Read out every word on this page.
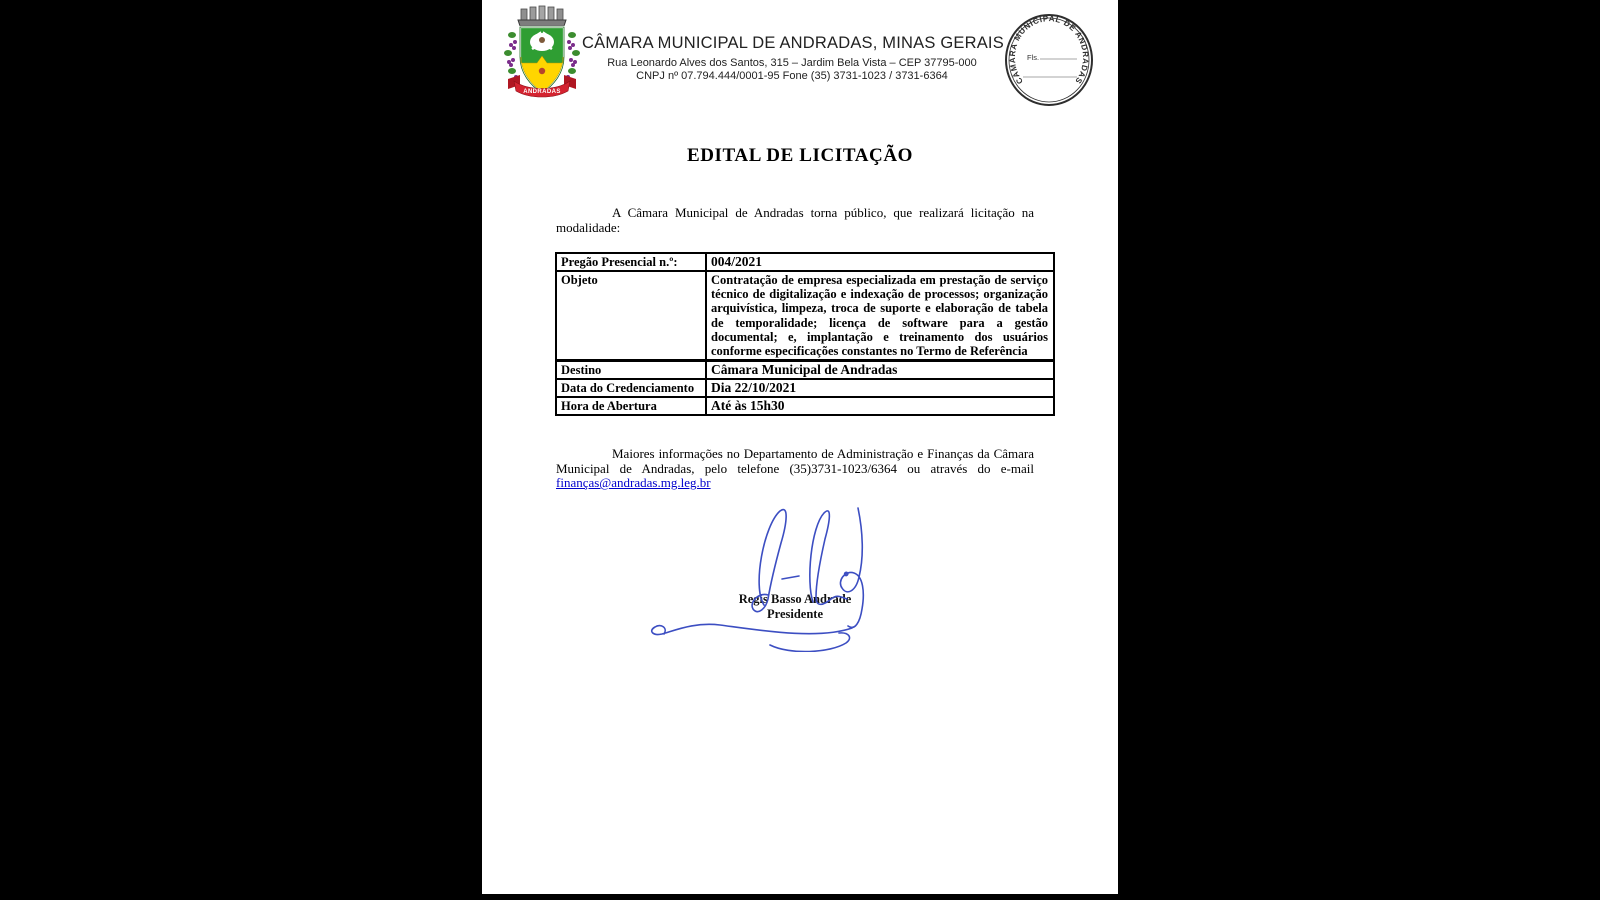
ANDRADAS
CÂMARA MUNICIPAL DE ANDRADAS, MINAS GERAIS

Rua Leonardo Alves dos Santos, 315 – Jardim Bela Vista – CEP 37795-000

CNPJ nº 07.794.444/0001-95 Fone (35) 3731-1023 / 3731-6364	CÂMARA MUNICIPAL DE ANDRADAS
Fls.
EDITAL DE LICITAÇÃO

A Câmara Municipal de Andradas torna público, que realizará licitação na modalidade:

Pregão Presencial n.º:	004/2021
Objeto	Contratação de empresa especializada em prestação de serviço técnico de digitalização e indexação de processos; organização arquivística, limpeza, troca de suporte e elaboração de tabela de temporalidade; licença de software para a gestão documental; e, implantação e treinamento dos usuários conforme especificações constantes no Termo de Referência
Destino	Câmara Municipal de Andradas
Data do Credenciamento	Dia 22/10/2021
Hora de Abertura	Até às 15h30

Maiores informações no Departamento de Administração e Finanças da Câmara Municipal de Andradas, pelo telefone (35)3731-1023/6364 ou através do e-mail finanças@andradas.mg.leg.br

Regis Basso Andrade
Presidente
